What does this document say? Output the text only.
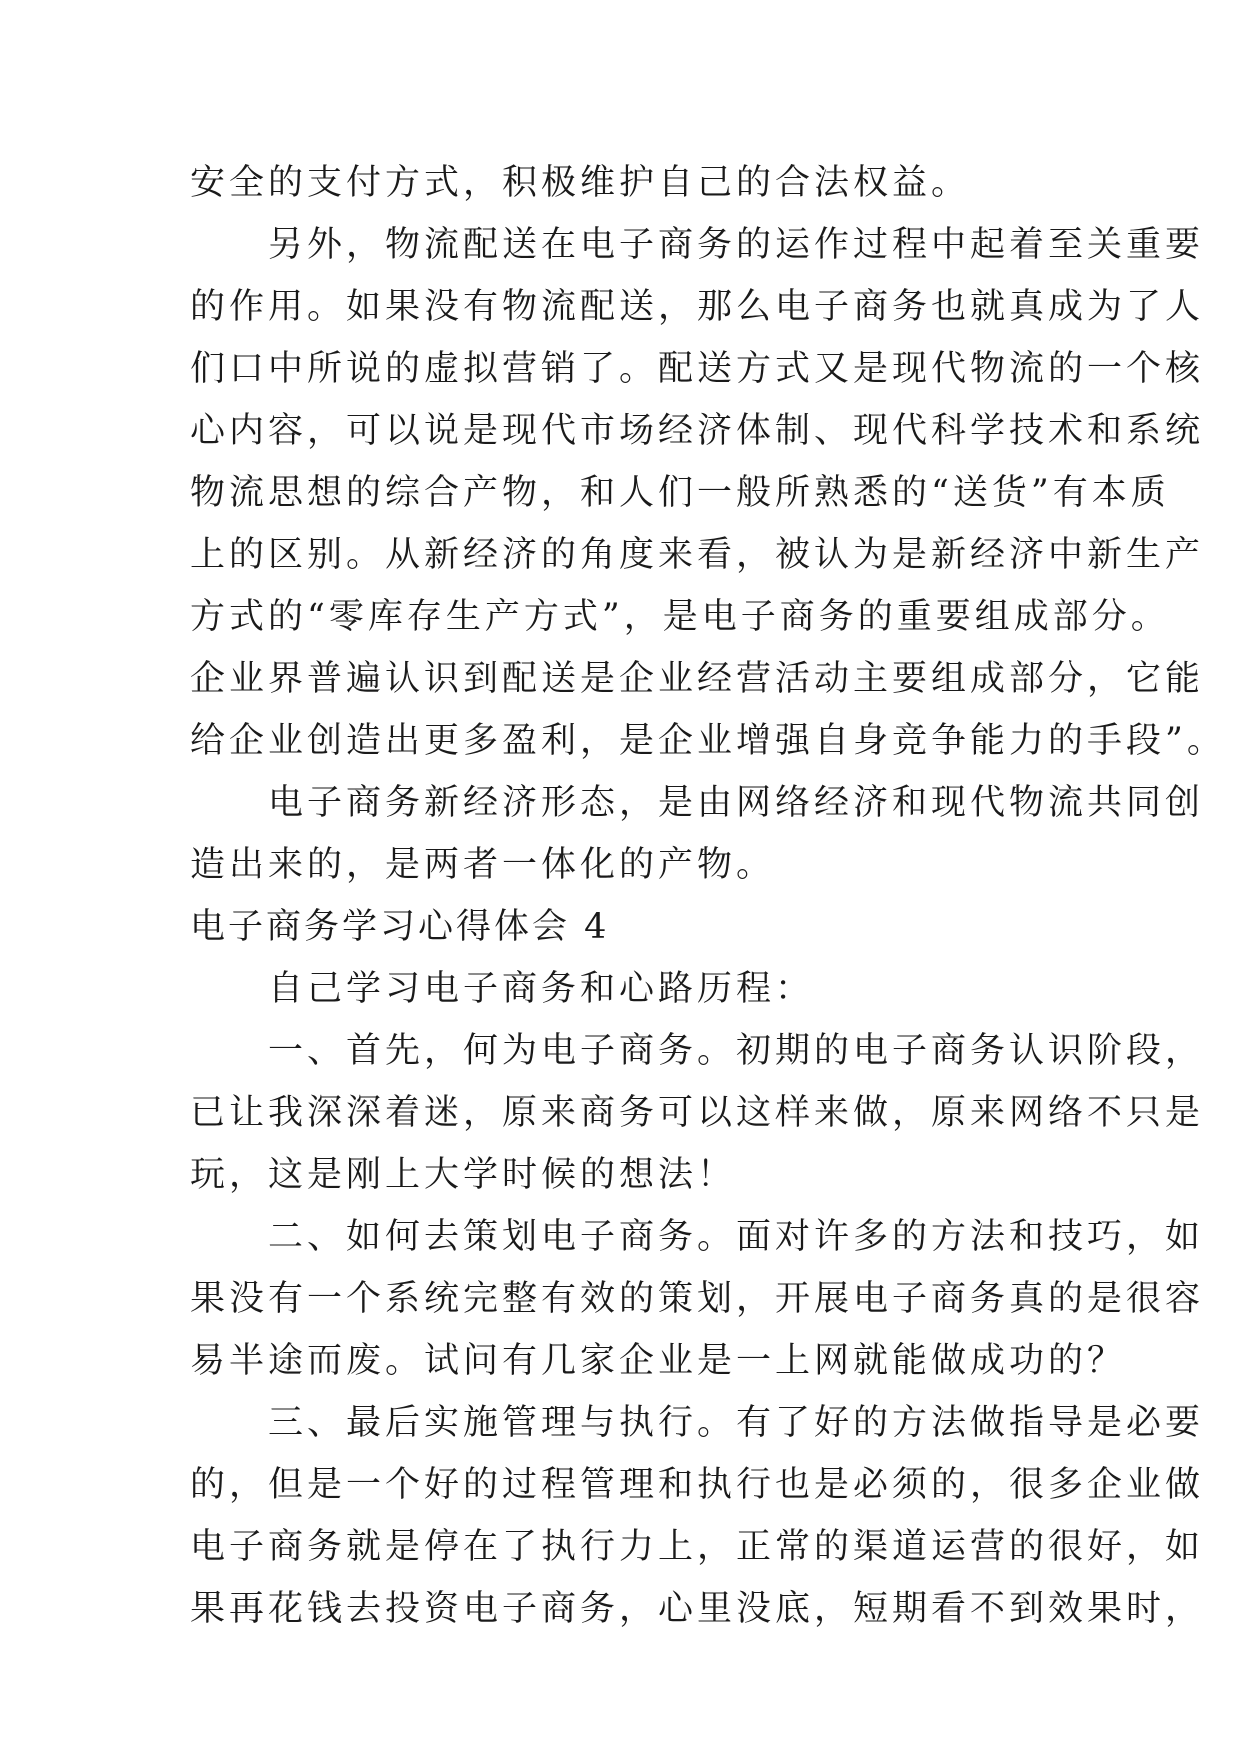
安全的支付方式，积极维护自己的合法权益。
另外，物流配送在电子商务的运作过程中起着至关重要
的作用。如果没有物流配送，那么电子商务也就真成为了人
们口中所说的虚拟营销了。配送方式又是现代物流的一个核
心内容，可以说是现代市场经济体制、现代科学技术和系统
物流思想的综合产物，和人们一般所熟悉的“送货”有本质
上的区别。从新经济的角度来看，被认为是新经济中新生产
方式的“零库存生产方式”，是电子商务的重要组成部分。
企业界普遍认识到配送是企业经营活动主要组成部分，它能
给企业创造出更多盈利，是企业增强自身竞争能力的手段”。
电子商务新经济形态，是由网络经济和现代物流共同创
造出来的，是两者一体化的产物。
电子商务学习心得体会 4
自己学习电子商务和心路历程：
一、首先，何为电子商务。初期的电子商务认识阶段，
已让我深深着迷，原来商务可以这样来做，原来网络不只是
玩，这是刚上大学时候的想法！
二、如何去策划电子商务。面对许多的方法和技巧，如
果没有一个系统完整有效的策划，开展电子商务真的是很容
易半途而废。试问有几家企业是一上网就能做成功的？
三、最后实施管理与执行。有了好的方法做指导是必要
的，但是一个好的过程管理和执行也是必须的，很多企业做
电子商务就是停在了执行力上，正常的渠道运营的很好，如
果再花钱去投资电子商务，心里没底，短期看不到效果时，
